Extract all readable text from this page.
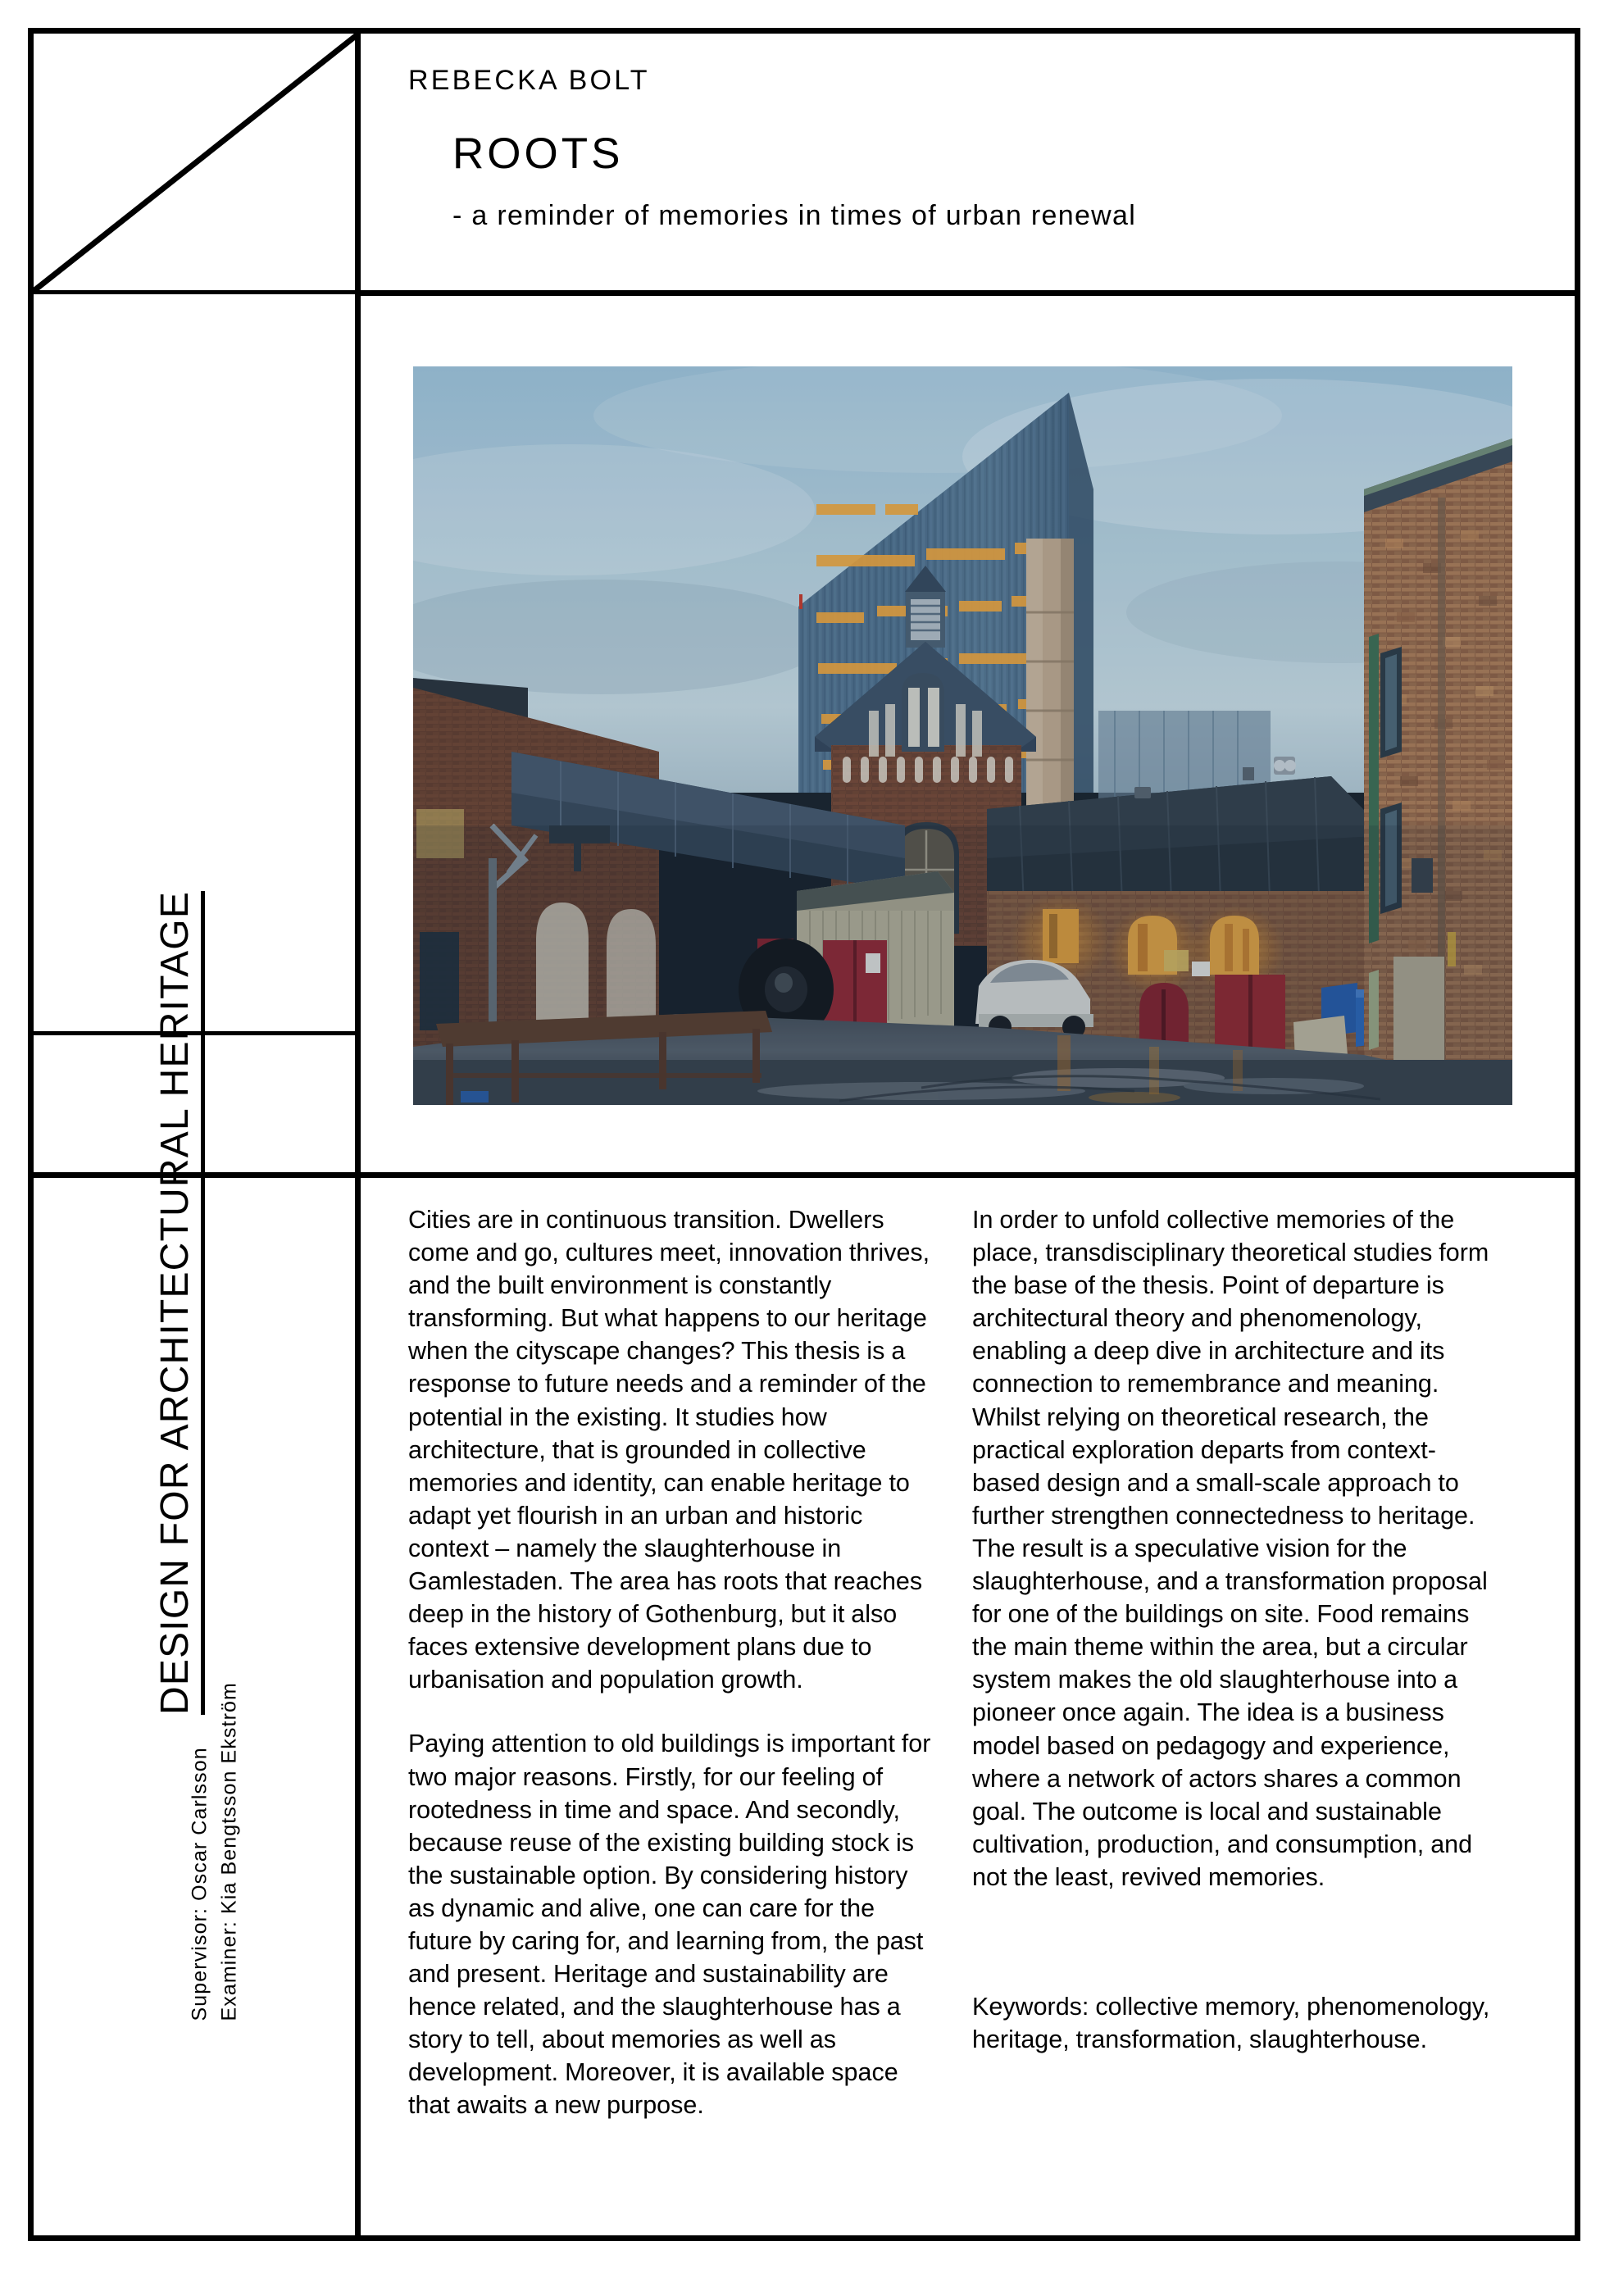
REBECKA BOLT
ROOTS
- a reminder of memories in times of urban renewal
DESIGN FOR ARCHITECTURAL HERITAGE
Supervisor: Oscar Carlsson Examiner: Kia Bengtsson Ekström

Cities are in continuous transition. Dwellers come and go, cultures meet, innovation thrives, and the built environment is constantly transforming. But what happens to our heritage when the cityscape changes? This thesis is a response to future needs and a reminder of the potential in the existing. It studies how architecture, that is grounded in collective memories and identity, can enable heritage to adapt yet flourish in an urban and historic context – namely the slaughterhouse in Gamlestaden. The area has roots that reaches deep in the history of Gothenburg, but it also faces extensive development plans due to urbanisation and population growth.

Paying attention to old buildings is important for two major reasons. Firstly, for our feeling of rootedness in time and space. And secondly, because reuse of the existing building stock is the sustainable option. By considering history as dynamic and alive, one can care for the future by caring for, and learning from, the past and present. Heritage and sustainability are hence related, and the slaughterhouse has a story to tell, about memories as well as development. Moreover, it is available space that awaits a new purpose.

In order to unfold collective memories of the place, transdisciplinary theoretical studies form the base of the thesis. Point of departure is architectural theory and phenomenology, enabling a deep dive in architecture and its connection to remembrance and meaning. Whilst relying on theoretical research, the practical exploration departs from context-based design and a small-scale approach to further strengthen connectedness to heritage. The result is a speculative vision for the slaughterhouse, and a transformation proposal for one of the buildings on site. Food remains the main theme within the area, but a circular system makes the old slaughterhouse into a pioneer once again. The idea is a business model based on pedagogy and experience, where a network of actors shares a common goal. The outcome is local and sustainable cultivation, production, and consumption, and not the least, revived memories.

Keywords: collective memory, phenomenology, heritage, transformation, slaughterhouse.
